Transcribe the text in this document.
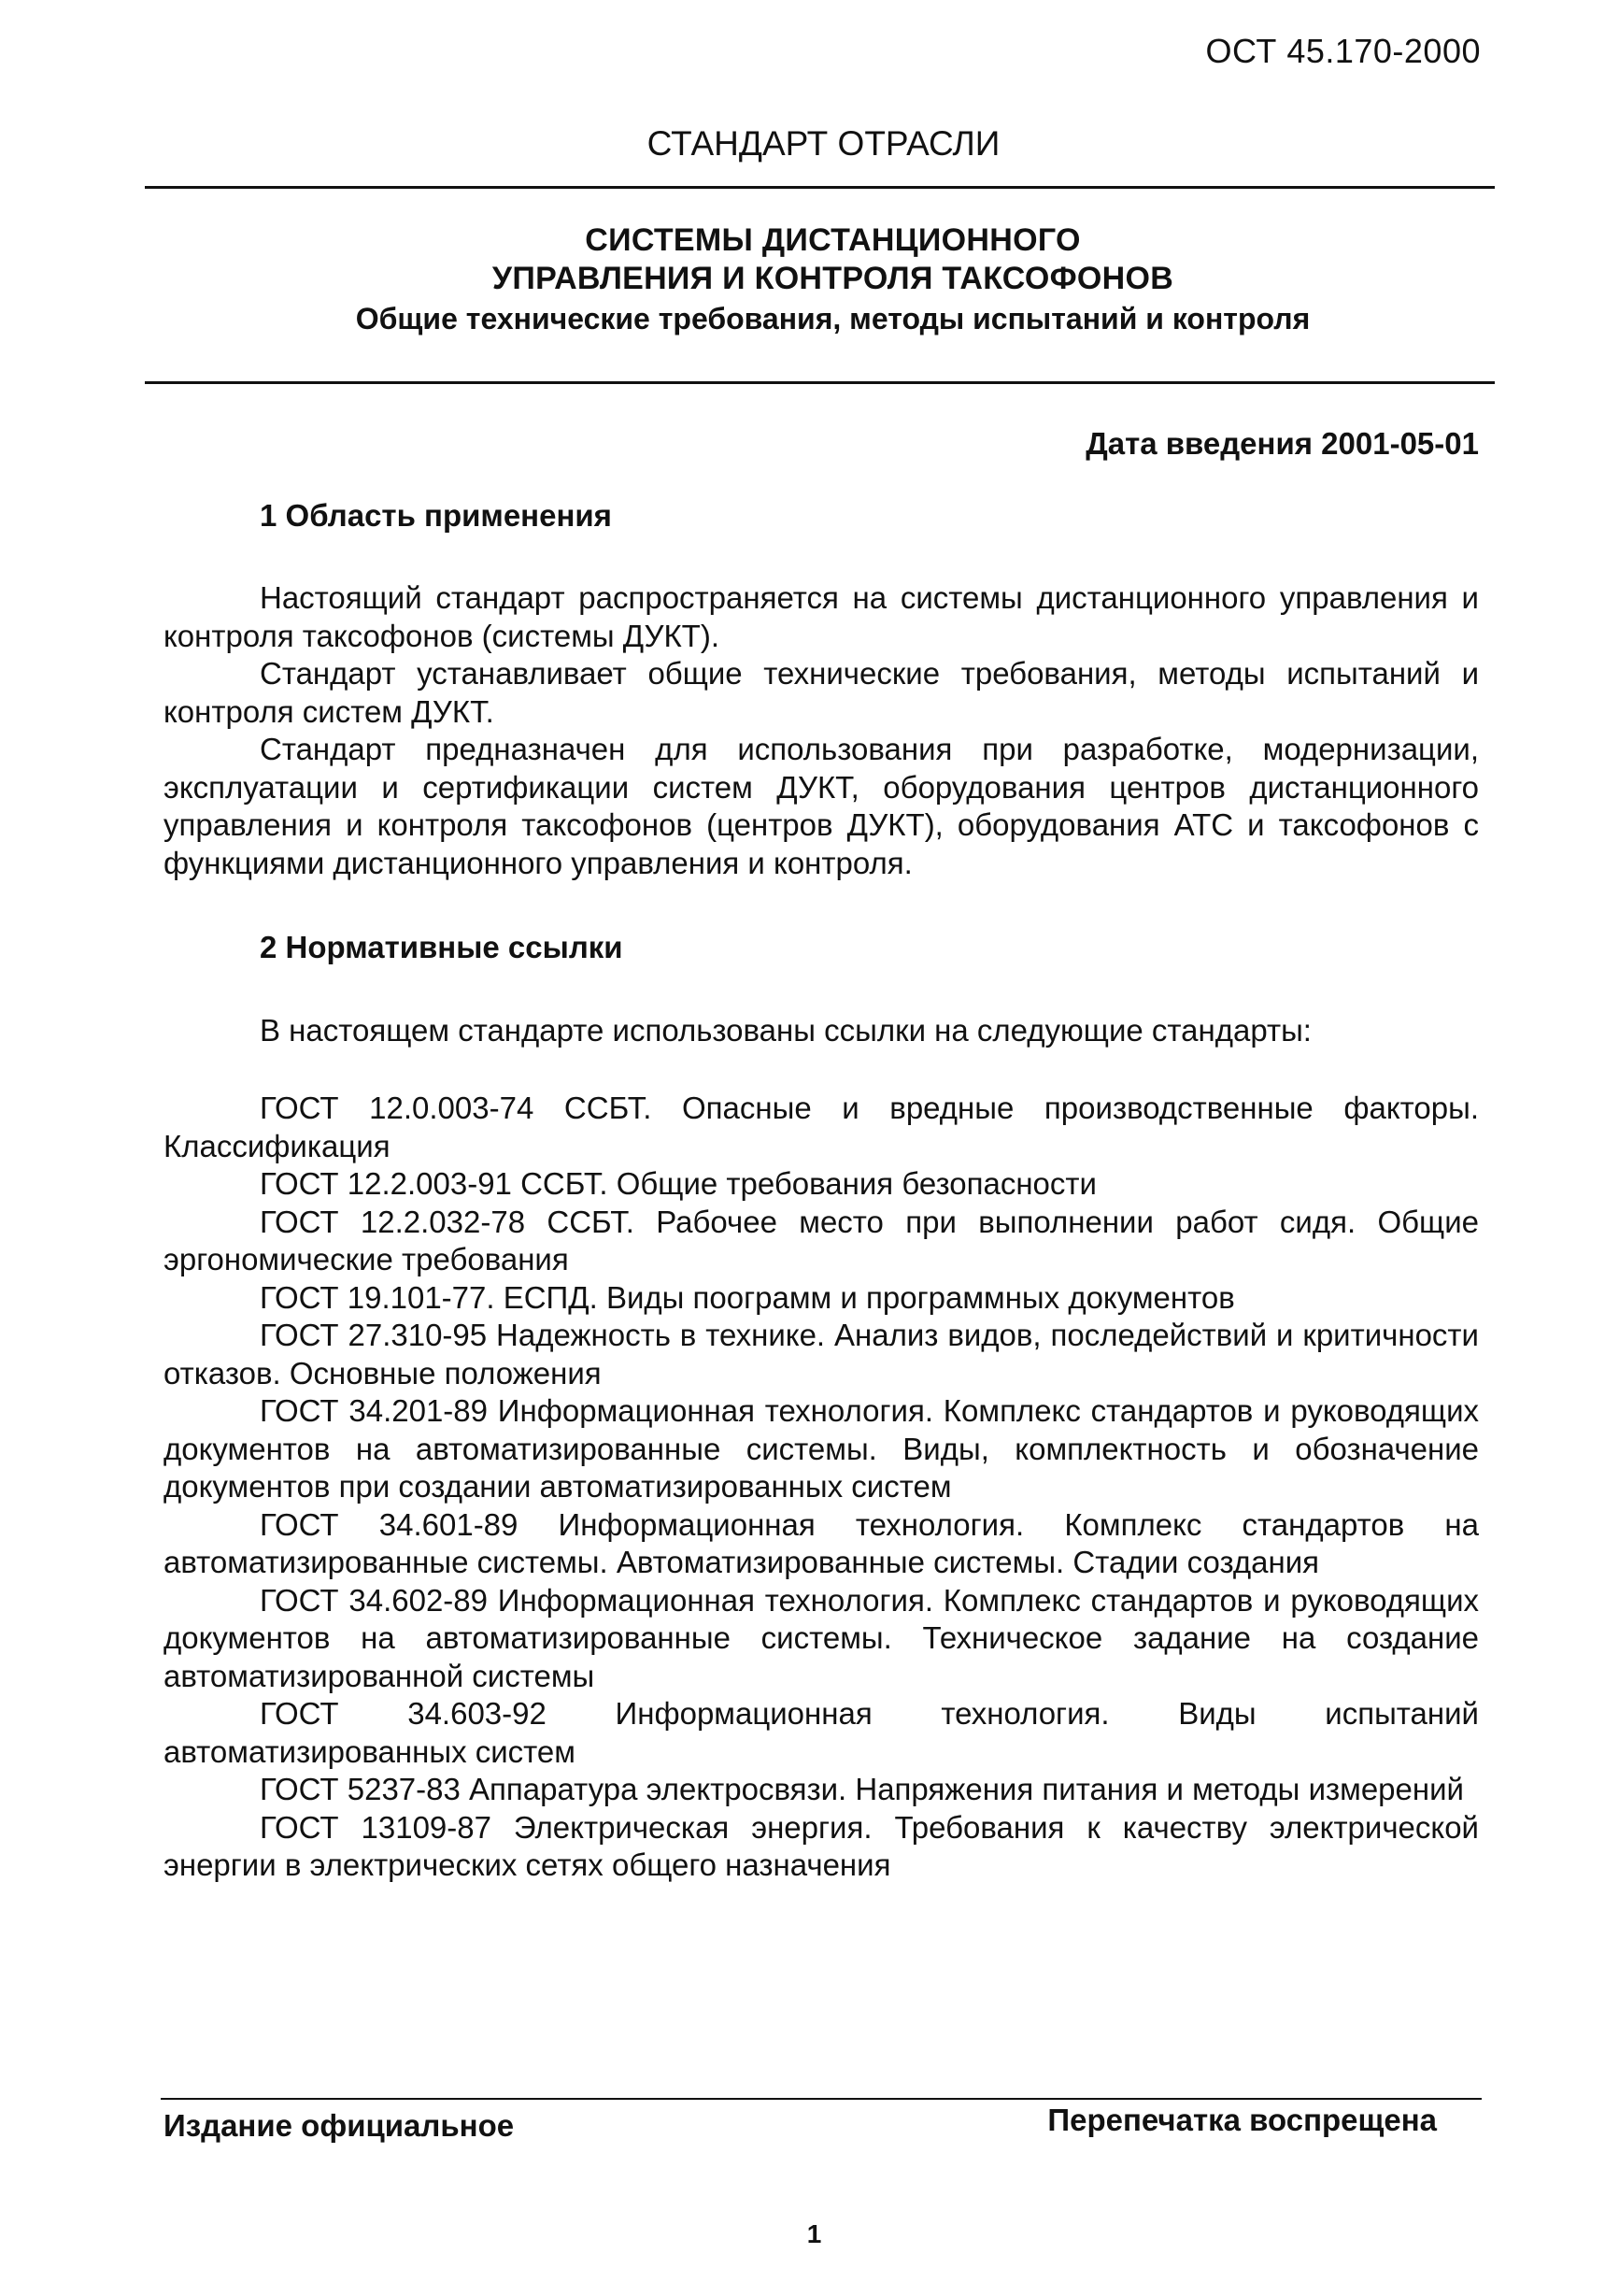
ОСТ 45.170-2000
СТАНДАРТ ОТРАСЛИ
СИСТЕМЫ ДИСТАНЦИОННОГО
УПРАВЛЕНИЯ И КОНТРОЛЯ ТАКСОФОНОВ
Общие технические требования, методы испытаний и контроля
Дата введения 2001-05-01
1 Область применения

Настоящий стандарт распространяется на системы дистанционного управления и контроля таксофонов (системы ДУКТ).

Стандарт устанавливает общие технические требования, методы испытаний и контроля систем ДУКТ.

Стандарт предназначен для использования при разработке, модернизации, эксплуатации и сертификации систем ДУКТ, оборудования центров дистанционного управления и контроля таксофонов (центров ДУКТ), оборудования АТС и таксофонов с функциями дистанционного управления и контроля.

2 Нормативные ссылки
В настоящем стандарте использованы ссылки на следующие стандарты:

ГОСТ 12.0.003-74 ССБТ. Опасные и вредные производственные факторы. Классификация

ГОСТ 12.2.003-91 ССБТ. Общие требования безопасности

ГОСТ 12.2.032-78 ССБТ. Рабочее место при выполнении работ сидя. Общие эргономические требования

ГОСТ 19.101-77. ЕСПД. Виды поограмм и программных документов

ГОСТ 27.310-95 Надежность в технике. Анализ видов, последействий и критичности отказов. Основные положения

ГОСТ 34.201-89 Информационная технология. Комплекс стандартов и руководящих документов на автоматизированные системы. Виды, комплектность и обозначение документов при создании автоматизированных систем

ГОСТ 34.601-89 Информационная технология. Комплекс стандартов на автоматизированные системы. Автоматизированные системы. Стадии создания

ГОСТ 34.602-89 Информационная технология. Комплекс стандартов и руководящих документов на автоматизированные системы. Техническое задание на создание автоматизированной системы

ГОСТ 34.603-92 Информационная технология. Виды испытаний автоматизированных систем

ГОСТ 5237-83 Аппаратура электросвязи. Напряжения питания и методы измерений

ГОСТ 13109-87 Электрическая энергия. Требования к качеству электрической энергии в электрических сетях общего назначения

Издание официальное	Перепечатка воспрещена
1
